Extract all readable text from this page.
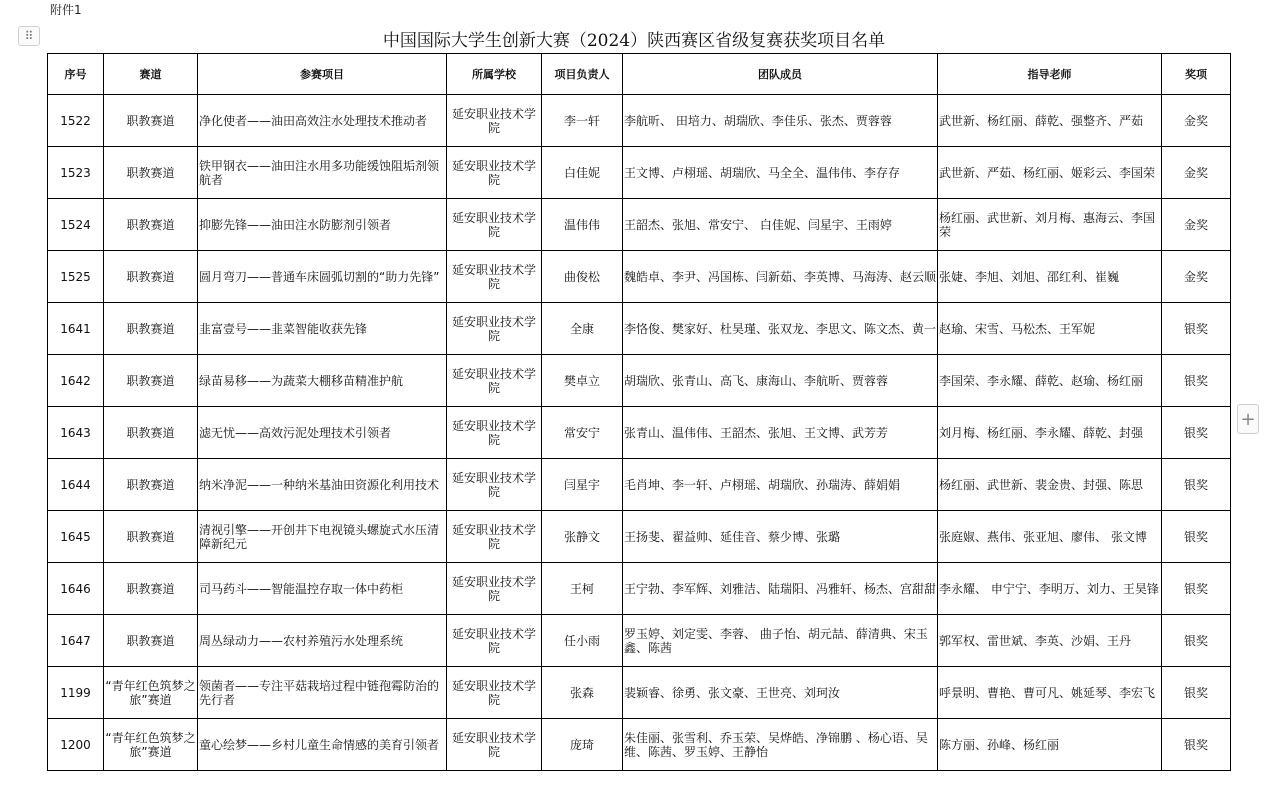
附件1
⠿
+
中国国际大学生创新大赛（2024）陕西赛区省级复赛获奖项目名单
序号	赛道	参赛项目	所属学校	项目负责人	团队成员	指导老师	奖项
1522	职教赛道	净化使者——油田高效注水处理技术推动者	延安职业技术学院	李一轩	李航昕、 田培力、胡瑞欣、李佳乐、张杰、贾蓉蓉	武世新、杨红丽、薛乾、强整齐、严茹	金奖
1523	职教赛道	铁甲钢衣——油田注水用多功能缓蚀阻垢剂领航者	延安职业技术学院	白佳妮	王文博、卢栩瑶、胡瑞欣、马全全、温伟伟、李存存	武世新、严茹、杨红丽、姬彩云、李国荣	金奖
1524	职教赛道	抑膨先锋——油田注水防膨剂引领者	延安职业技术学院	温伟伟	王韶杰、张旭、常安宁、 白佳妮、闫星宇、王雨婷	杨红丽、武世新、刘月梅、惠海云、李国荣	金奖
1525	职教赛道	圆月弯刀——普通车床圆弧切割的“助力先锋”	延安职业技术学院	曲俊松	魏皓卓、李尹、冯国栋、闫新茹、李英博、马海涛、赵云顺	张婕、李旭、刘旭、邵红利、崔巍	金奖
1641	职教赛道	韭富壹号——韭菜智能收获先锋	延安职业技术学院	全康	李恪俊、樊家好、杜昊瑾、张双龙、李思文、陈文杰、黄一	赵瑜、宋雪、马松杰、王军妮	银奖
1642	职教赛道	绿苗易移——为蔬菜大棚移苗精准护航	延安职业技术学院	樊卓立	胡瑞欣、张青山、高飞、康海山、李航昕、贾蓉蓉	李国荣、李永耀、薛乾、赵瑜、杨红丽	银奖
1643	职教赛道	滤无忧——高效污泥处理技术引领者	延安职业技术学院	常安宁	张青山、温伟伟、王韶杰、张旭、王文博、武芳芳	刘月梅、杨红丽、李永耀、薛乾、封强	银奖
1644	职教赛道	纳米净泥——一种纳米基油田资源化利用技术	延安职业技术学院	闫星宇	毛肖坤、李一轩、卢栩瑶、胡瑞欣、孙瑞涛、薛娟娟	杨红丽、武世新、裴金贵、封强、陈思	银奖
1645	职教赛道	清视引擎——开创井下电视镜头螺旋式水压清障新纪元	延安职业技术学院	张静文	王扬斐、翟益帅、延佳音、蔡少博、张璐	张庭婌、燕伟、张亚旭、廖伟、 张文博	银奖
1646	职教赛道	司马药斗——智能温控存取一体中药柜	延安职业技术学院	王柯	王宁勃、李军辉、刘雅洁、陆瑞阳、冯雅轩、杨杰、宫甜甜	李永耀、 申宁宁、李明万、刘力、王昊锋	银奖
1647	职教赛道	周丛绿动力——农村养殖污水处理系统	延安职业技术学院	任小雨	罗玉婷、刘定雯、李蓉、 曲子怡、胡元喆、薛清典、宋玉鑫、陈茜	郭军权、雷世斌、李英、沙娟、王丹	银奖
1199	“青年红色筑梦之旅”赛道	领菌者——专注平菇栽培过程中链孢霉防治的先行者	延安职业技术学院	张森	裴颖睿、徐勇、张文豪、王世亮、刘珂汝	呼景明、曹艳、曹可凡、姚延琴、李宏飞	银奖
1200	“青年红色筑梦之旅”赛道	童心绘梦——乡村儿童生命情感的美育引领者	延安职业技术学院	庞琦	朱佳丽、张雪利、乔玉荣、吴烨皓、净锦鹏 、杨心语、吴维、陈茜、罗玉婷、王静怡	陈方丽、孙峰、杨红丽	银奖
